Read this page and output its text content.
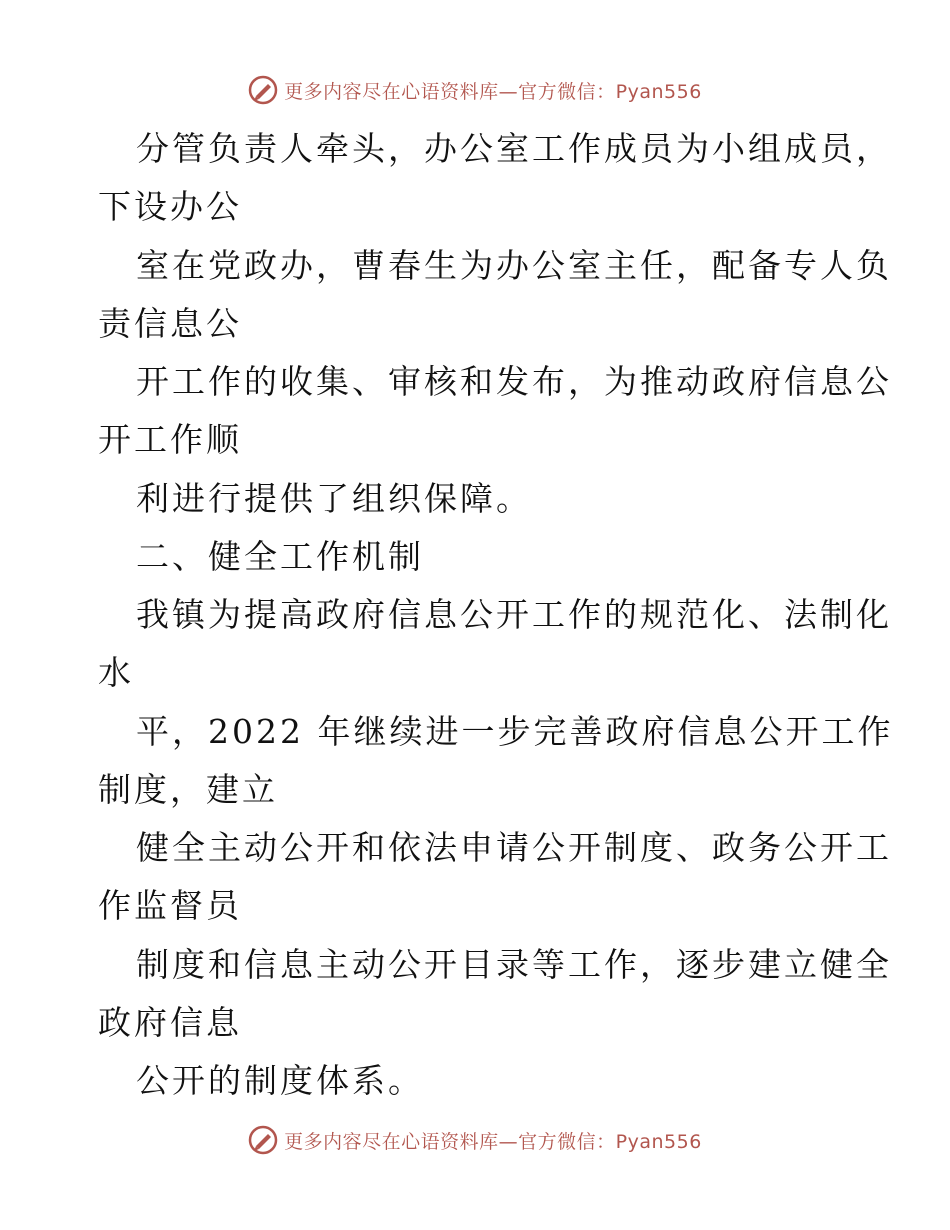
更多内容尽在心语资料库—官方微信：Pyan556
分管负责人牵头，办公室工作成员为小组成员，
下设办公
室在党政办，曹春生为办公室主任，配备专人负
责信息公
开工作的收集、审核和发布，为推动政府信息公
开工作顺
利进行提供了组织保障。
二、健全工作机制
我镇为提高政府信息公开工作的规范化、法制化
水
平，2022 年继续进一步完善政府信息公开工作
制度，建立
健全主动公开和依法申请公开制度、政务公开工
作监督员
制度和信息主动公开目录等工作，逐步建立健全
政府信息
公开的制度体系。
更多内容尽在心语资料库—官方微信：Pyan556
